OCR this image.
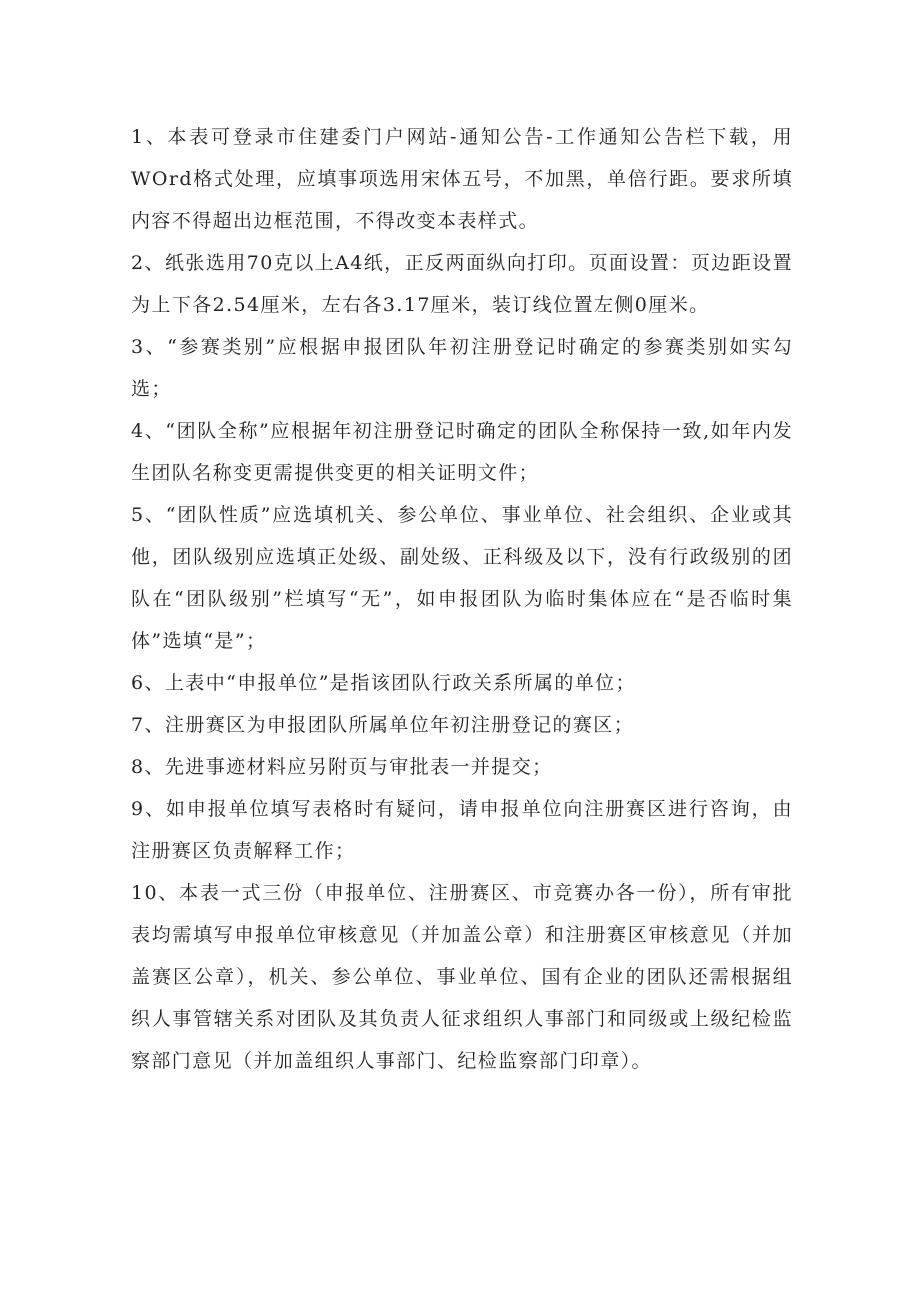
1、本表可登录市住建委门户网站-通知公告-工作通知公告栏下载，用WOrd格式处理，应填事项选用宋体五号，不加黑，单倍行距。要求所填内容不得超出边框范围，不得改变本表样式。

2、纸张选用70克以上A4纸，正反两面纵向打印。页面设置：页边距设置为上下各2.54厘米，左右各3.17厘米，装订线位置左侧0厘米。

3、“参赛类别”应根据申报团队年初注册登记时确定的参赛类别如实勾选；

4、“团队全称”应根据年初注册登记时确定的团队全称保持一致,如年内发生团队名称变更需提供变更的相关证明文件；

5、“团队性质”应选填机关、参公单位、事业单位、社会组织、企业或其他，团队级别应选填正处级、副处级、正科级及以下，没有行政级别的团队在“团队级别”栏填写“无”，如申报团队为临时集体应在“是否临时集体”选填“是”；

6、上表中“申报单位”是指该团队行政关系所属的单位；

7、注册赛区为申报团队所属单位年初注册登记的赛区；

8、先进事迹材料应另附页与审批表一并提交；

9、如申报单位填写表格时有疑问，请申报单位向注册赛区进行咨询，由注册赛区负责解释工作；

10、本表一式三份（申报单位、注册赛区、市竞赛办各一份），所有审批表均需填写申报单位审核意见（并加盖公章）和注册赛区审核意见（并加盖赛区公章），机关、参公单位、事业单位、国有企业的团队还需根据组织人事管辖关系对团队及其负责人征求组织人事部门和同级或上级纪检监察部门意见（并加盖组织人事部门、纪检监察部门印章）。
